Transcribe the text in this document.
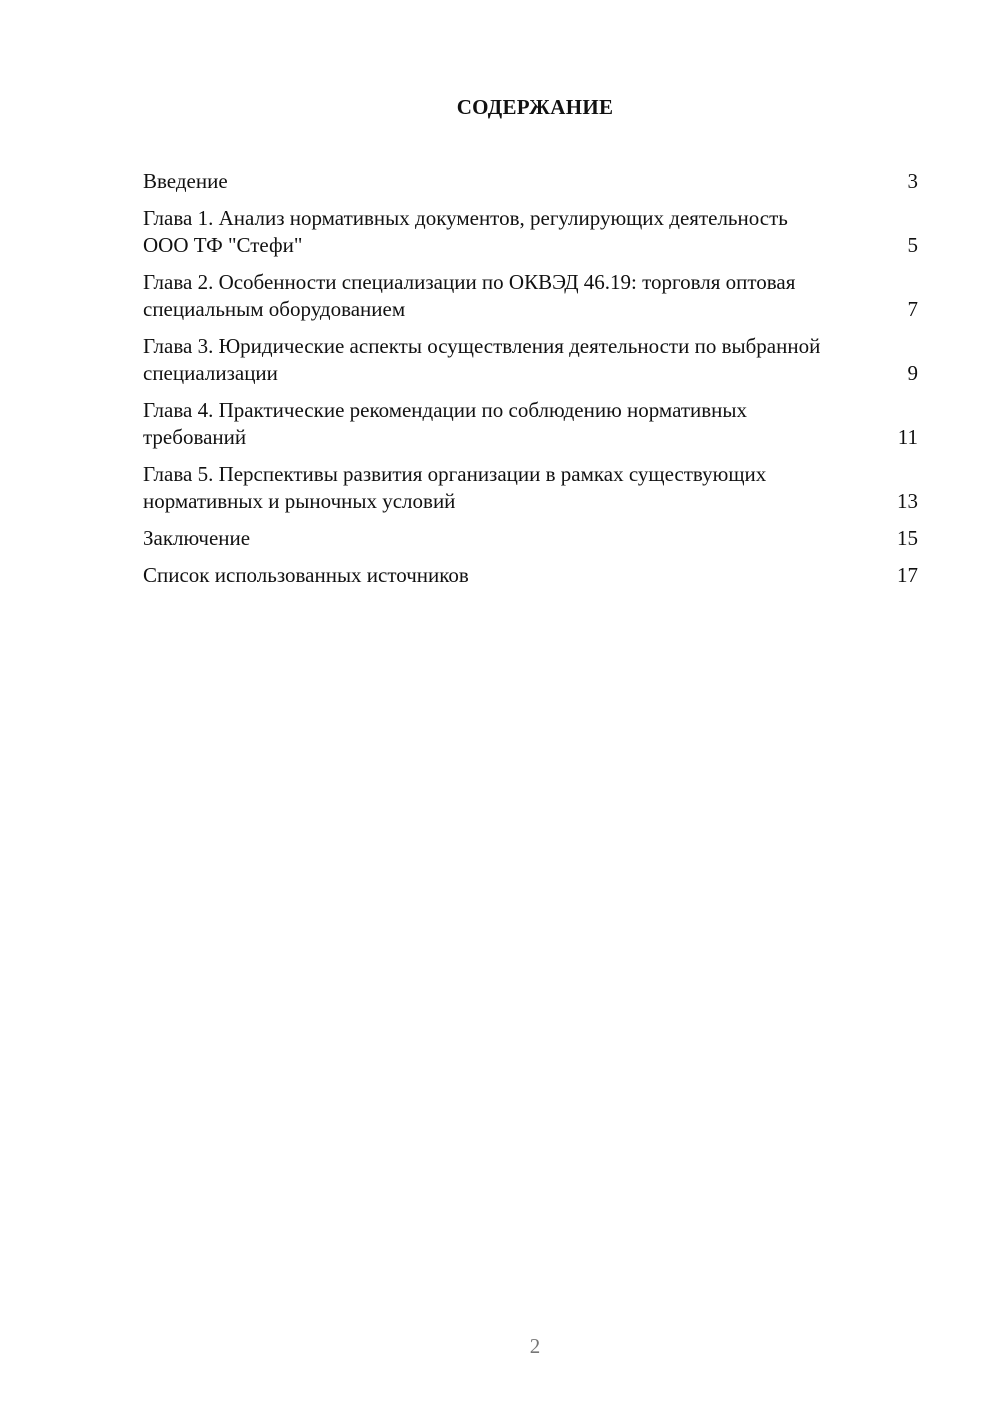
СОДЕРЖАНИЕ
Введение	3
Глава 1. Анализ нормативных документов, регулирующих деятельность ООО ТФ "Стефи"	5
Глава 2. Особенности специализации по ОКВЭД 46.19: торговля оптовая специальным оборудованием	7
Глава 3. Юридические аспекты осуществления деятельности по выбранной специализации	9
Глава 4. Практические рекомендации по соблюдению нормативных требований	11
Глава 5. Перспективы развития организации в рамках существующих нормативных и рыночных условий	13
Заключение	15
Список использованных источников	17
2
